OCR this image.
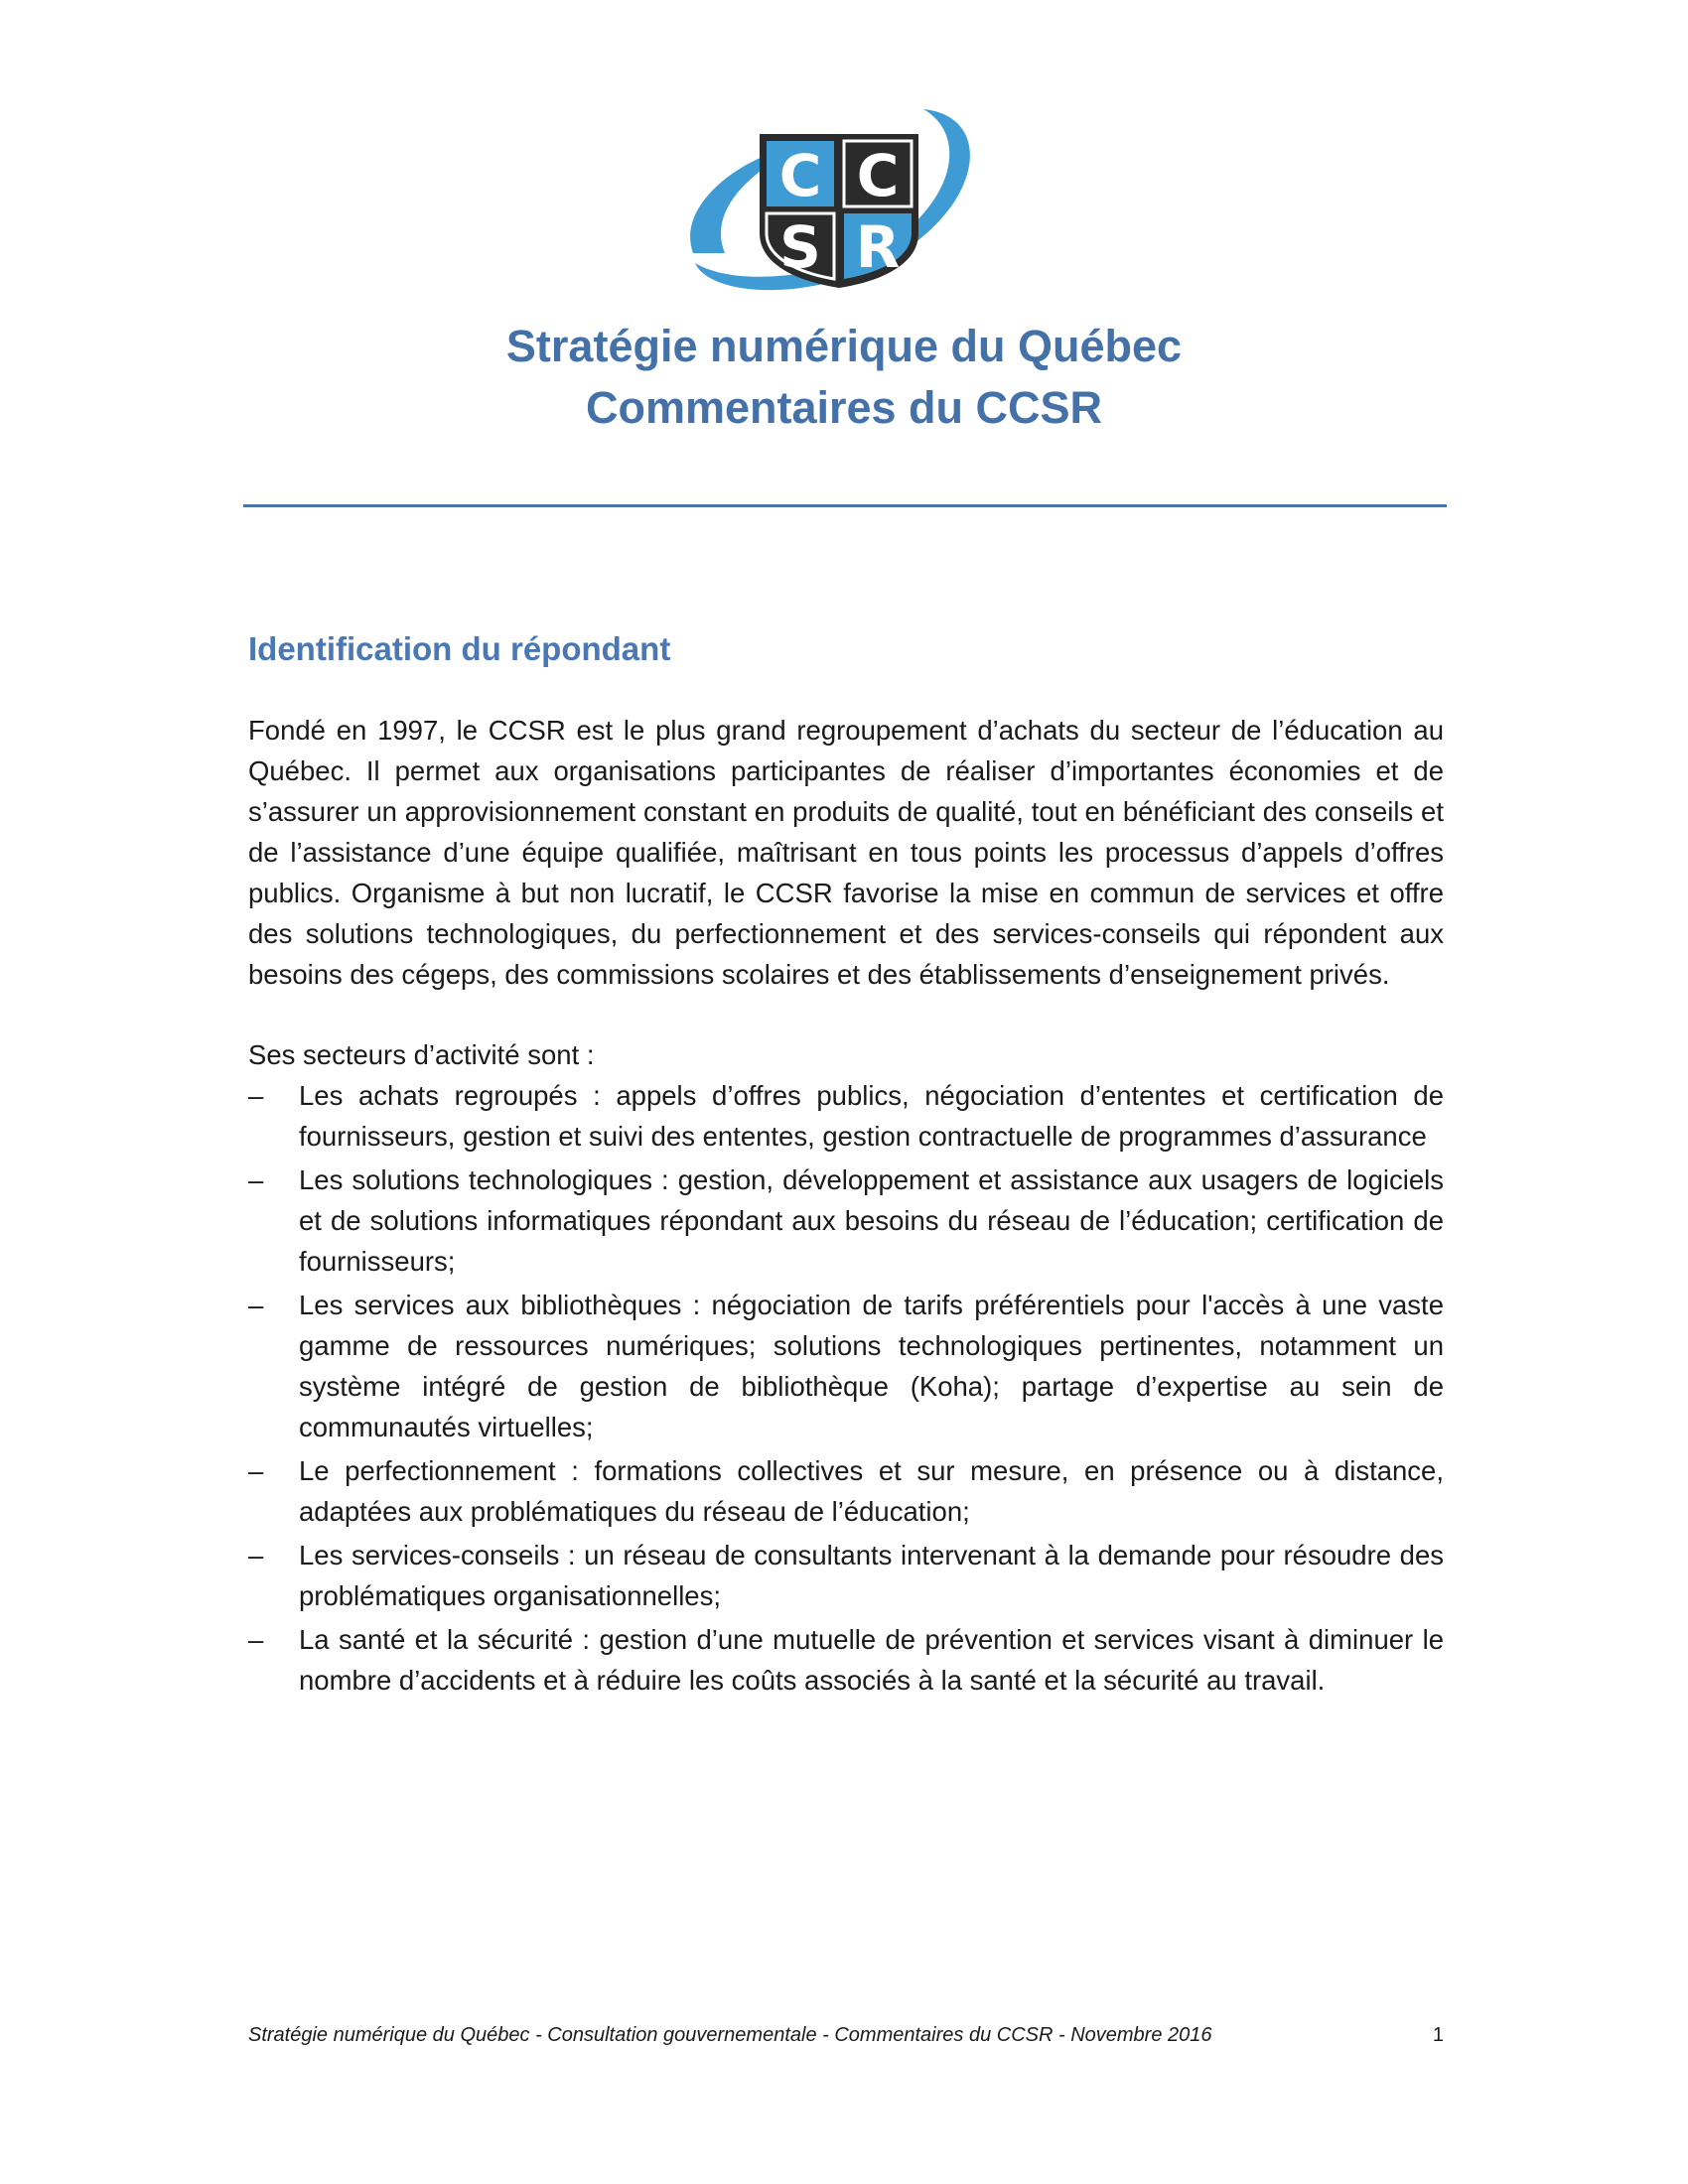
C C
S R
Stratégie numérique du Québec
Commentaires du CCSR
Identification du répondant

Fondé en 1997, le CCSR est le plus grand regroupement d’achats du secteur de l’éducation au Québec. Il permet aux organisations participantes de réaliser d’importantes économies et de s’assurer un approvisionnement constant en produits de qualité, tout en bénéficiant des conseils et de l’assistance d’une équipe qualifiée, maîtrisant en tous points les processus d’appels d’offres publics. Organisme à but non lucratif, le CCSR favorise la mise en commun de services et offre des solutions technologiques, du perfectionnement et des services-conseils qui répondent aux besoins des cégeps, des commissions scolaires et des établissements d’enseignement privés.

Ses secteurs d’activité sont :

– Les achats regroupés : appels d’offres publics, négociation d’ententes et certification de fournisseurs, gestion et suivi des ententes, gestion contractuelle de programmes d’assurance
– Les solutions technologiques : gestion, développement et assistance aux usagers de logiciels et de solutions informatiques répondant aux besoins du réseau de l’éducation; certification de fournisseurs;
– Les services aux bibliothèques : négociation de tarifs préférentiels pour l'accès à une vaste gamme de ressources numériques; solutions technologiques pertinentes, notamment un système intégré de gestion de bibliothèque (Koha); partage d’expertise au sein de communautés virtuelles;
– Le perfectionnement : formations collectives et sur mesure, en présence ou à distance, adaptées aux problématiques du réseau de l’éducation;
– Les services-conseils : un réseau de consultants intervenant à la demande pour résoudre des problématiques organisationnelles;
– La santé et la sécurité : gestion d’une mutuelle de prévention et services visant à diminuer le nombre d’accidents et à réduire les coûts associés à la santé et la sécurité au travail.
Stratégie numérique du Québec - Consultation gouvernementale - Commentaires du CCSR - Novembre 2016	1
